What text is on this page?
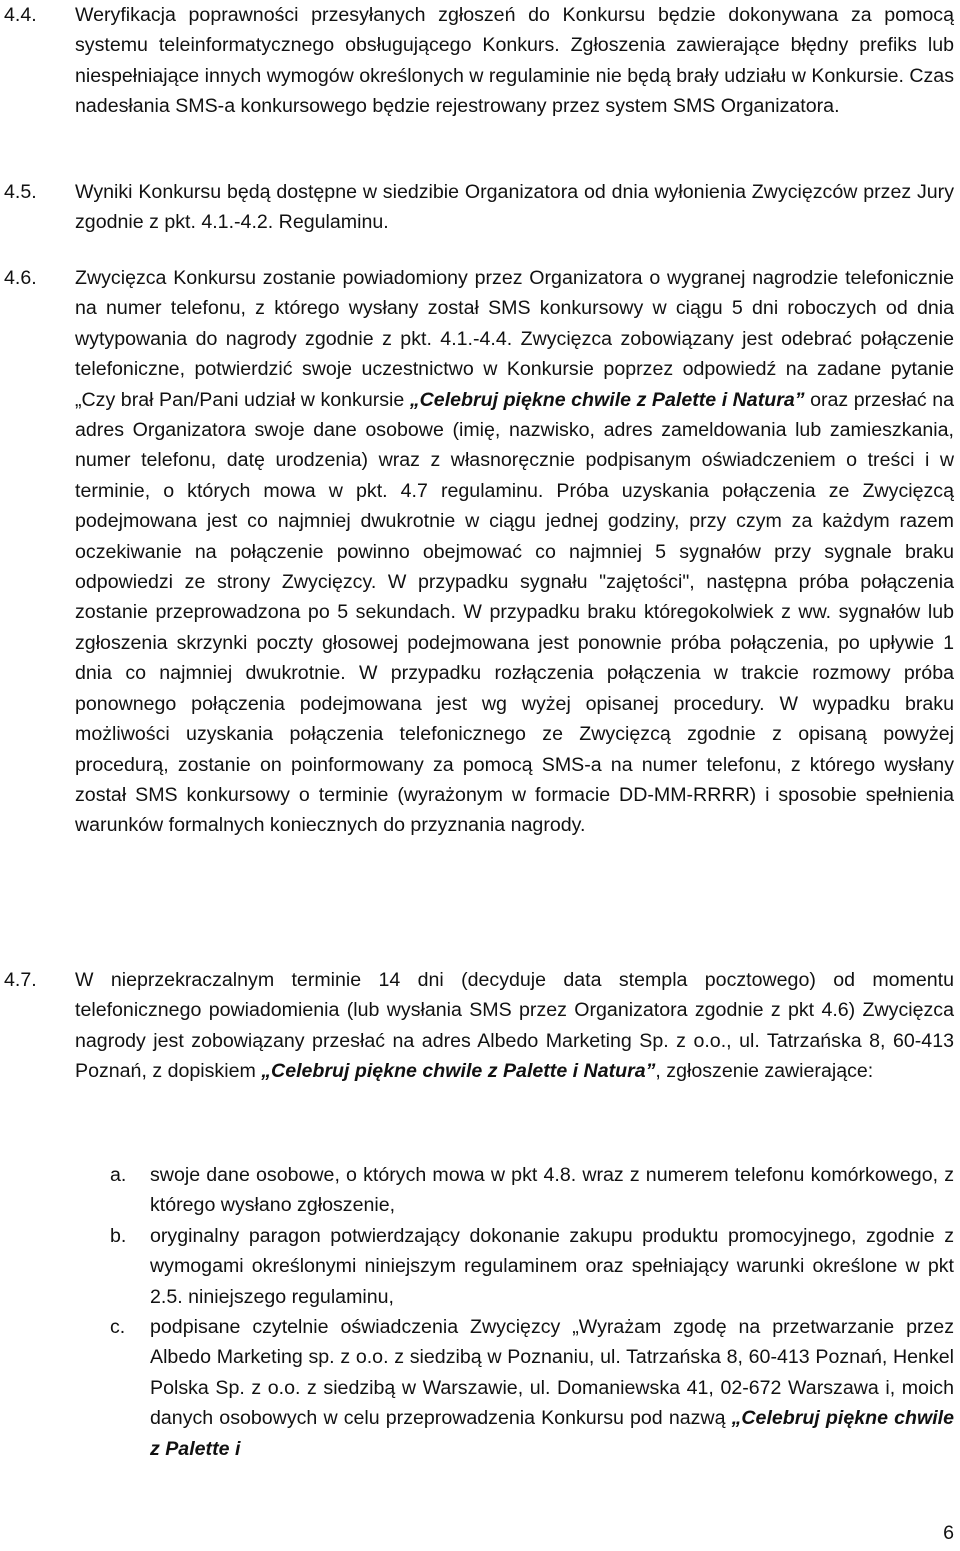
4.4. Weryfikacja poprawności przesyłanych zgłoszeń do Konkursu będzie dokonywana za pomocą systemu teleinformatycznego obsługującego Konkurs. Zgłoszenia zawierające błędny prefiks lub niespełniające innych wymogów określonych w regulaminie nie będą brały udziału w Konkursie. Czas nadesłania SMS-a konkursowego będzie rejestrowany przez system SMS Organizatora.
4.5. Wyniki Konkursu będą dostępne w siedzibie Organizatora od dnia wyłonienia Zwycięzców przez Jury zgodnie z pkt. 4.1.-4.2. Regulaminu.
4.6. Zwycięzca Konkursu zostanie powiadomiony przez Organizatora o wygranej nagrodzie telefonicznie na numer telefonu, z którego wysłany został SMS konkursowy w ciągu 5 dni roboczych od dnia wytypowania do nagrody zgodnie z pkt. 4.1.-4.4. Zwycięzca zobowiązany jest odebrać połączenie telefoniczne, potwierdzić swoje uczestnictwo w Konkursie poprzez odpowiedź na zadane pytanie „Czy brał Pan/Pani udział w konkursie „Celebruj piękne chwile z Palette i Natura” oraz przesłać na adres Organizatora swoje dane osobowe (imię, nazwisko, adres zameldowania lub zamieszkania, numer telefonu, datę urodzenia) wraz z własnoręcznie podpisanym oświadczeniem o treści i w terminie, o których mowa w pkt. 4.7 regulaminu. Próba uzyskania połączenia ze Zwycięzcą podejmowana jest co najmniej dwukrotnie w ciągu jednej godziny, przy czym za każdym razem oczekiwanie na połączenie powinno obejmować co najmniej 5 sygnałów przy sygnale braku odpowiedzi ze strony Zwycięzcy. W przypadku sygnału "zajętości", następna próba połączenia zostanie przeprowadzona po 5 sekundach. W przypadku braku któregokolwiek z ww. sygnałów lub zgłoszenia skrzynki poczty głosowej podejmowana jest ponownie próba połączenia, po upływie 1 dnia co najmniej dwukrotnie. W przypadku rozłączenia połączenia w trakcie rozmowy próba ponownego połączenia podejmowana jest wg wyżej opisanej procedury. W wypadku braku możliwości uzyskania połączenia telefonicznego ze Zwycięzcą zgodnie z opisaną powyżej procedurą, zostanie on poinformowany za pomocą SMS-a na numer telefonu, z którego wysłany został SMS konkursowy o terminie (wyrażonym w formacie DD-MM-RRRR) i sposobie spełnienia warunków formalnych koniecznych do przyznania nagrody.
4.7. W nieprzekraczalnym terminie 14 dni (decyduje data stempla pocztowego) od momentu telefonicznego powiadomienia (lub wysłania SMS przez Organizatora zgodnie z pkt 4.6) Zwycięzca nagrody jest zobowiązany przesłać na adres Albedo Marketing Sp. z o.o., ul. Tatrzańska 8, 60-413 Poznań, z dopiskiem „Celebruj piękne chwile z Palette i Natura”, zgłoszenie zawierające:
a. swoje dane osobowe, o których mowa w pkt 4.8. wraz z numerem telefonu komórkowego, z którego wysłano zgłoszenie,
b. oryginalny paragon potwierdzający dokonanie zakupu produktu promocyjnego, zgodnie z wymogami określonymi niniejszym regulaminem oraz spełniający warunki określone w pkt 2.5. niniejszego regulaminu,
c. podpisane czytelnie oświadczenia Zwycięzcy „Wyrażam zgodę na przetwarzanie przez Albedo Marketing sp. z o.o. z siedzibą w Poznaniu, ul. Tatrzańska 8, 60-413 Poznań, Henkel Polska Sp. z o.o. z siedzibą w Warszawie, ul. Domaniewska 41, 02-672 Warszawa i, moich danych osobowych w celu przeprowadzenia Konkursu pod nazwą „Celebruj piękne chwile z Palette i
6
